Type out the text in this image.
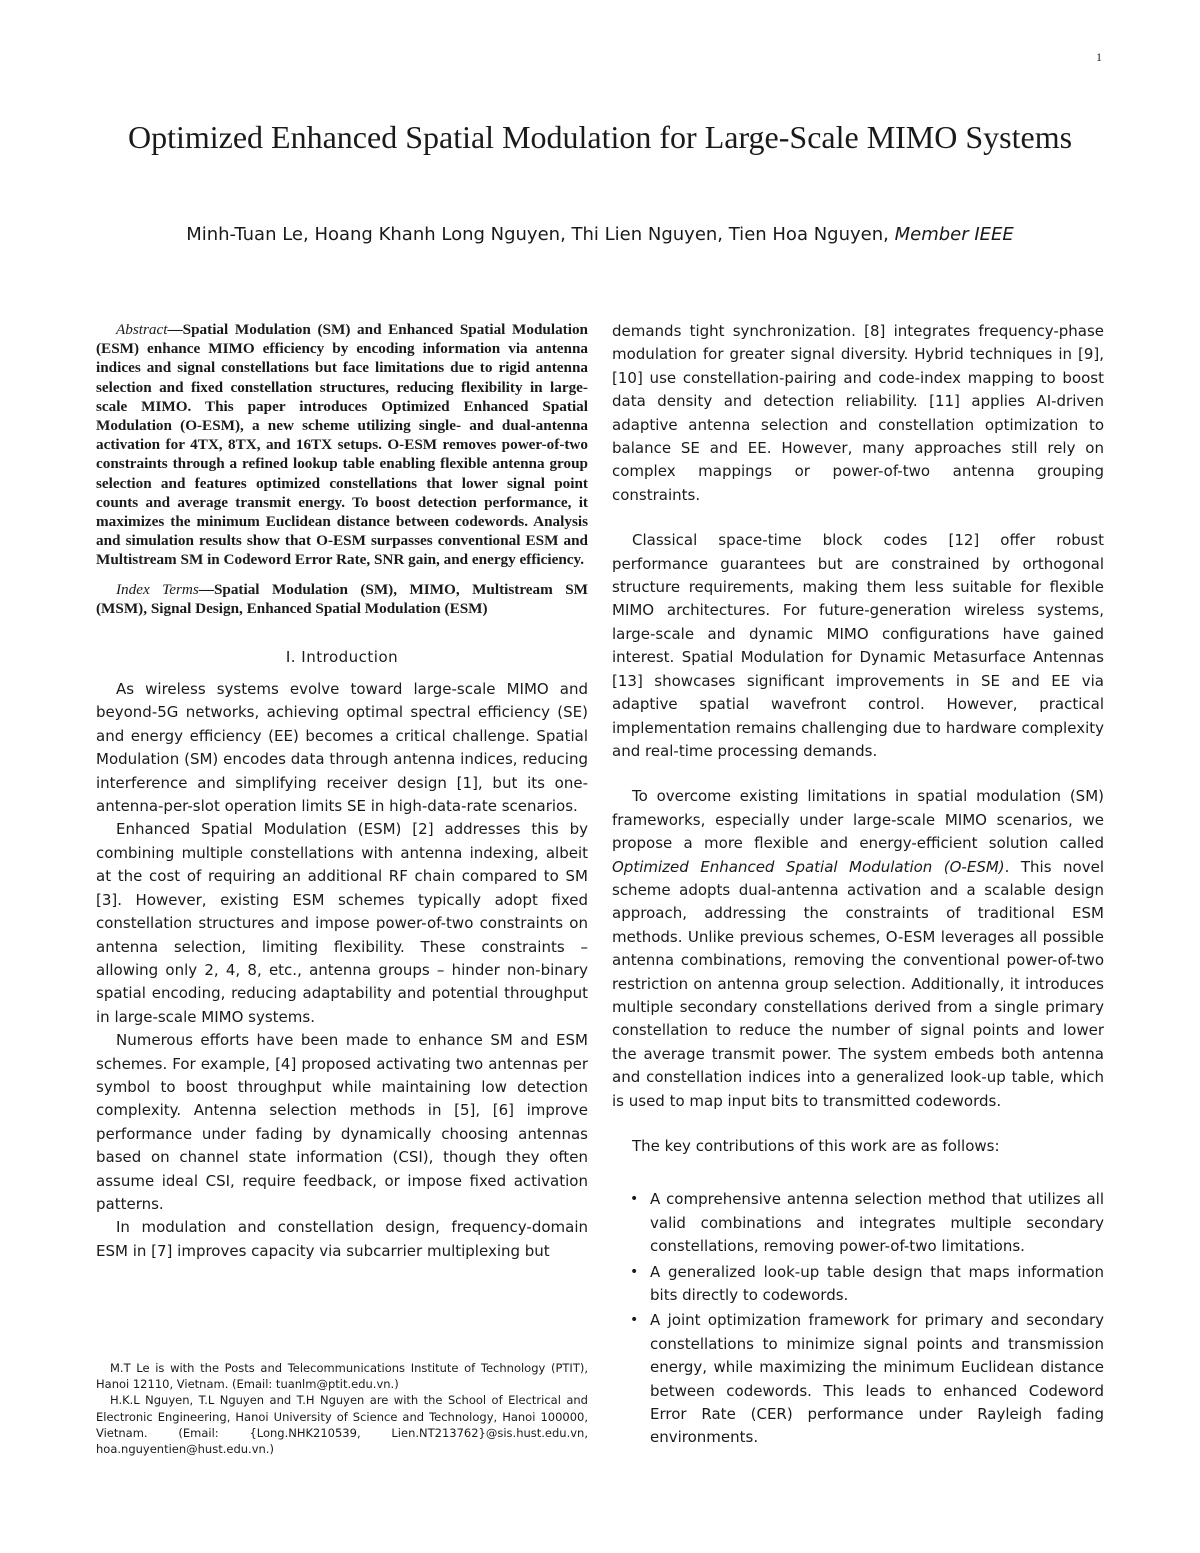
1
Optimized Enhanced Spatial Modulation for Large-Scale MIMO Systems
Minh-Tuan Le, Hoang Khanh Long Nguyen, Thi Lien Nguyen, Tien Hoa Nguyen, Member IEEE

Abstract—Spatial Modulation (SM) and Enhanced Spatial Modulation (ESM) enhance MIMO efficiency by encoding information via antenna indices and signal constellations but face limitations due to rigid antenna selection and fixed constellation structures, reducing flexibility in large-scale MIMO. This paper introduces Optimized Enhanced Spatial Modulation (O-ESM), a new scheme utilizing single- and dual-antenna activation for 4TX, 8TX, and 16TX setups. O-ESM removes power-of-two constraints through a refined lookup table enabling flexible antenna group selection and features optimized constellations that lower signal point counts and average transmit energy. To boost detection performance, it maximizes the minimum Euclidean distance between codewords. Analysis and simulation results show that O-ESM surpasses conventional ESM and Multistream SM in Codeword Error Rate, SNR gain, and energy efficiency.

Index Terms—Spatial Modulation (SM), MIMO, Multistream SM (MSM), Signal Design, Enhanced Spatial Modulation (ESM)

I. Introduction

As wireless systems evolve toward large-scale MIMO and beyond-5G networks, achieving optimal spectral efficiency (SE) and energy efficiency (EE) becomes a critical challenge. Spatial Modulation (SM) encodes data through antenna indices, reducing interference and simplifying receiver design [1], but its one-antenna-per-slot operation limits SE in high-data-rate scenarios.

Enhanced Spatial Modulation (ESM) [2] addresses this by combining multiple constellations with antenna indexing, albeit at the cost of requiring an additional RF chain compared to SM [3]. However, existing ESM schemes typically adopt fixed constellation structures and impose power-of-two constraints on antenna selection, limiting flexibility. These constraints – allowing only 2, 4, 8, etc., antenna groups – hinder non-binary spatial encoding, reducing adaptability and potential throughput in large-scale MIMO systems.

Numerous efforts have been made to enhance SM and ESM schemes. For example, [4] proposed activating two antennas per symbol to boost throughput while maintaining low detection complexity. Antenna selection methods in [5], [6] improve performance under fading by dynamically choosing antennas based on channel state information (CSI), though they often assume ideal CSI, require feedback, or impose fixed activation patterns.

In modulation and constellation design, frequency-domain ESM in [7] improves capacity via subcarrier multiplexing but

M.T Le is with the Posts and Telecommunications Institute of Technology (PTIT), Hanoi 12110, Vietnam. (Email: tuanlm@ptit.edu.vn.)

H.K.L Nguyen, T.L Nguyen and T.H Nguyen are with the School of Electrical and Electronic Engineering, Hanoi University of Science and Technology, Hanoi 100000, Vietnam. (Email: {Long.NHK210539, Lien.NT213762}@sis.hust.edu.vn, hoa.nguyentien@hust.edu.vn.)

demands tight synchronization. [8] integrates frequency-phase modulation for greater signal diversity. Hybrid techniques in [9], [10] use constellation-pairing and code-index mapping to boost data density and detection reliability. [11] applies AI-driven adaptive antenna selection and constellation optimization to balance SE and EE. However, many approaches still rely on complex mappings or power-of-two antenna grouping constraints.

Classical space-time block codes [12] offer robust performance guarantees but are constrained by orthogonal structure requirements, making them less suitable for flexible MIMO architectures. For future-generation wireless systems, large-scale and dynamic MIMO configurations have gained interest. Spatial Modulation for Dynamic Metasurface Antennas [13] showcases significant improvements in SE and EE via adaptive spatial wavefront control. However, practical implementation remains challenging due to hardware complexity and real-time processing demands.

To overcome existing limitations in spatial modulation (SM) frameworks, especially under large-scale MIMO scenarios, we propose a more flexible and energy-efficient solution called Optimized Enhanced Spatial Modulation (O-ESM). This novel scheme adopts dual-antenna activation and a scalable design approach, addressing the constraints of traditional ESM methods. Unlike previous schemes, O-ESM leverages all possible antenna combinations, removing the conventional power-of-two restriction on antenna group selection. Additionally, it introduces multiple secondary constellations derived from a single primary constellation to reduce the number of signal points and lower the average transmit power. The system embeds both antenna and constellation indices into a generalized look-up table, which is used to map input bits to transmitted codewords.

The key contributions of this work are as follows:

• A comprehensive antenna selection method that utilizes all valid combinations and integrates multiple secondary constellations, removing power-of-two limitations.
• A generalized look-up table design that maps information bits directly to codewords.
• A joint optimization framework for primary and secondary constellations to minimize signal points and transmission energy, while maximizing the minimum Euclidean distance between codewords. This leads to enhanced Codeword Error Rate (CER) performance under Rayleigh fading environments.
